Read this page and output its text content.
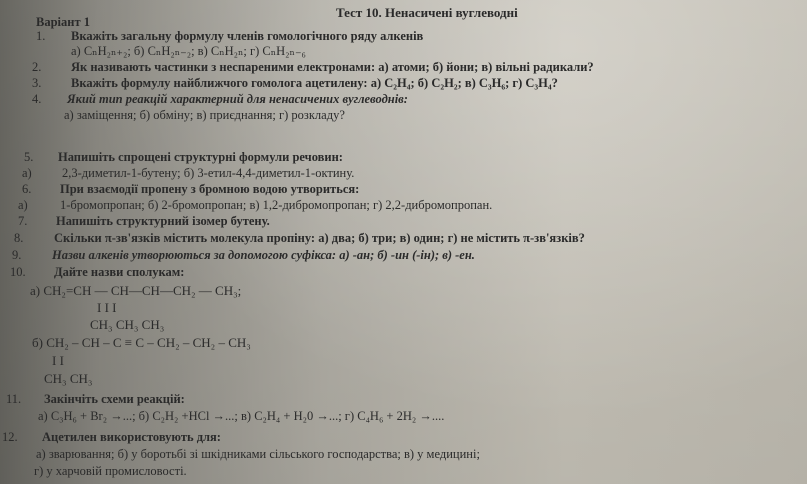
Тест 10. Ненасичені вуглеводні
Варіант 1
1. Вкажіть загальну формулу членів гомологічного ряду алкенів
а) CₙH₂ₙ₊₂; б) CₙH₂ₙ₋₂; в) CₙH₂ₙ; г) CₙH₂ₙ₋₆
2. Як називають частинки з неспареними електронами: а) атоми; б) йони; в) вільні радикали?
3. Вкажіть формулу найближчого гомолога ацетилену: а) C₂H₄; б) C₂H₂; в) C₃H₆; г) C₃H₄?
4. Який тип реакцій характерний для ненасичених вуглеводнів:
а) заміщення; б) обміну; в) приєднання; г) розкладу?
5. Напишіть спрощені структурні формули речовин:
а) 2,3-диметил-1-бутену; б) 3-етил-4,4-диметил-1-октину.
6. При взаємодії пропену з бромною водою утвориться:
а)	1-бромопропан; б) 2-бромопропан; в) 1,2-дибромопропан; г) 2,2-дибромопропан.
7. Напишіть структурний ізомер бутену.
8. Скільки π-зв'язків містить молекула пропіну: а) два; б) три; в) один; г) не містить π-зв'язків?
9. Назви алкенів утворюються за допомогою суфікса: а) -ан; б) -ин (-ін); в) -ен.
10. Дайте назви сполукам:
а) CH₂=CH — CH—CH—CH₂ — CH₃;
I I I
CH₃ CH₃ CH₃
б) CH₂ – CH – C ≡ C – CH₂ – CH₂ – CH₃
I I
CH₃ CH₃
11. Закінчіть схеми реакцій:
а) C₃H₆ + Br₂ →...; б) C₂H₂ +HCl →...; в) C₂H₄ + H₂0 →...; г) C₄H₆ + 2H₂ →....
12. Ацетилен використовують для:
а) зварювання; б) у боротьбі зі шкідниками сільського господарства; в) у медицині;
г) у харчовій промисловості.
